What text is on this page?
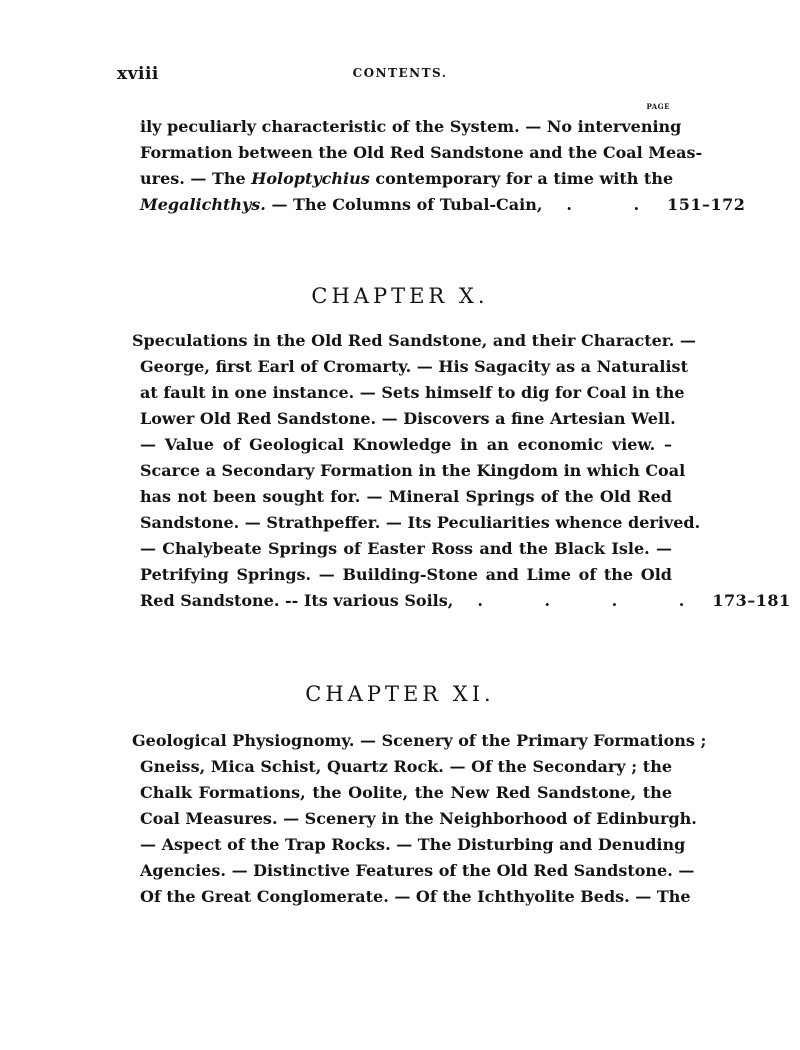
xviii	CONTENTS.
PAGE
ily peculiarly characteristic of the System. — No intervening
Formation between the Old Red Sandstone and the Coal Meas-
ures. — The Holoptychius contemporary for a time with the
Megalichthys. — The Columns of Tubal-Cain, . . 151–172
CHAPTER X.
Speculations in the Old Red Sandstone, and their Character. —
George, first Earl of Cromarty. — His Sagacity as a Naturalist
at fault in one instance. — Sets himself to dig for Coal in the
Lower Old Red Sandstone. — Discovers a fine Artesian Well.
— Value of Geological Knowledge in an economic view. –
Scarce a Secondary Formation in the Kingdom in which Coal
has not been sought for. — Mineral Springs of the Old Red
Sandstone. — Strathpeffer. — Its Peculiarities whence derived.
— Chalybeate Springs of Easter Ross and the Black Isle. —
Petrifying Springs. — Building-Stone and Lime of the Old
Red Sandstone. -- Its various Soils, . . . . 173–181
CHAPTER XI.
Geological Physiognomy. — Scenery of the Primary Formations ;
Gneiss, Mica Schist, Quartz Rock. — Of the Secondary ; the
Chalk Formations, the Oolite, the New Red Sandstone, the
Coal Measures. — Scenery in the Neighborhood of Edinburgh.
— Aspect of the Trap Rocks. — The Disturbing and Denuding
Agencies. — Distinctive Features of the Old Red Sandstone. —
Of the Great Conglomerate. — Of the Ichthyolite Beds. — The
